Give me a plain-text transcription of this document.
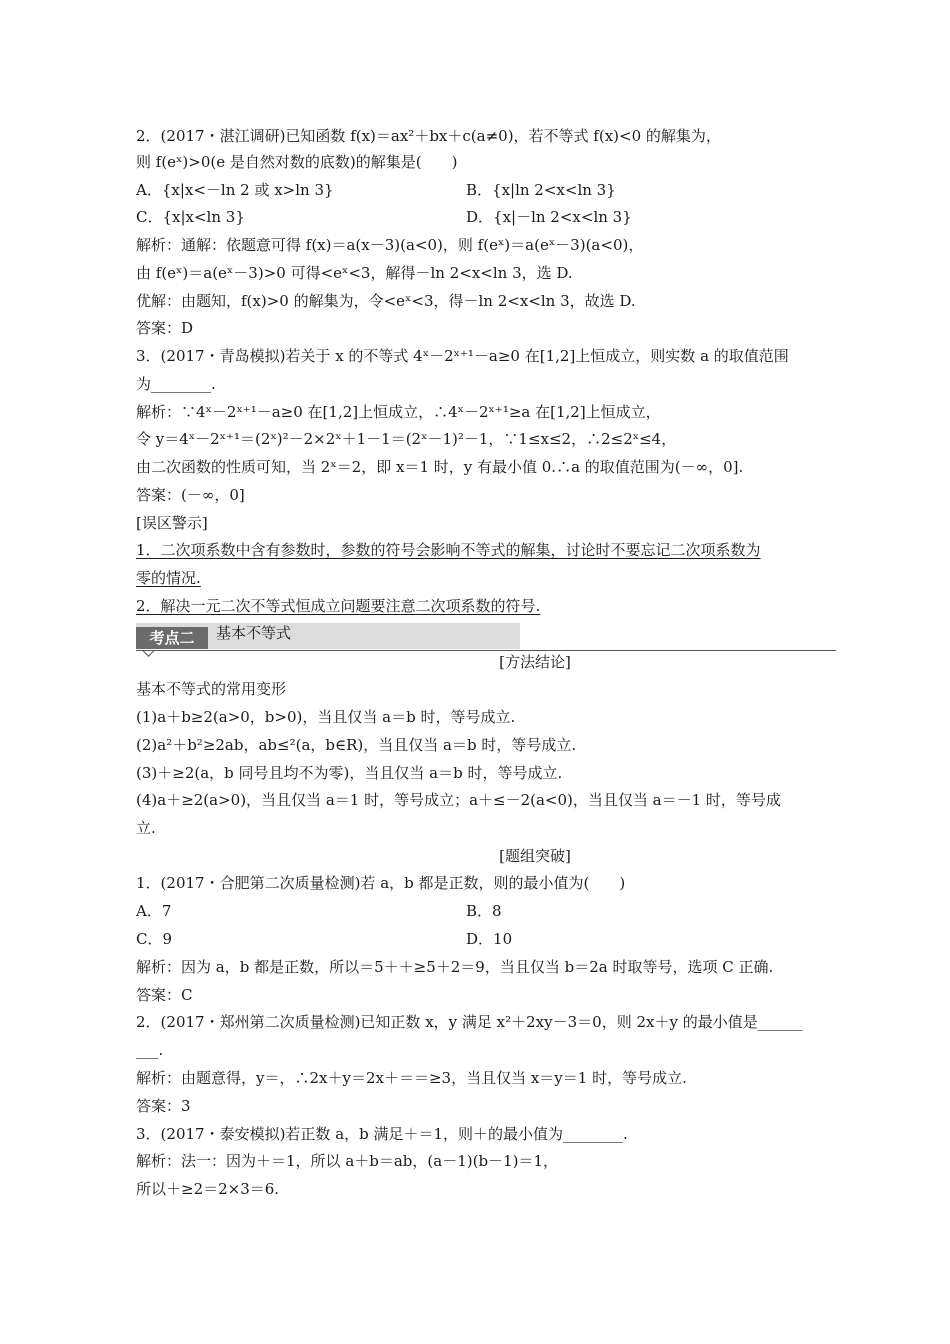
2．(2017・湛江调研)已知函数 f(x)＝ax²＋bx＋c(a≠0)，若不等式 f(x)<0 的解集为，
则 f(eˣ)>0(e 是自然对数的底数)的解集是(　　)
A．{x|x<－ln 2 或 x>ln 3}	B．{x|ln 2<x<ln 3}
C．{x|x<ln 3}	D．{x|－ln 2<x<ln 3}
解析：通解：依题意可得 f(x)＝a(x－3)(a<0)，则 f(eˣ)＝a(eˣ－3)(a<0)，
由 f(eˣ)＝a(eˣ－3)>0 可得<eˣ<3，解得－ln 2<x<ln 3，选 D.
优解：由题知，f(x)>0 的解集为，令<eˣ<3，得－ln 2<x<ln 3，故选 D.
答案：D
3．(2017・青岛模拟)若关于 x 的不等式 4ˣ－2ˣ⁺¹－a≥0 在[1,2]上恒成立，则实数 a 的取值范围
为________.
解析：∵4ˣ－2ˣ⁺¹－a≥0 在[1,2]上恒成立，∴4ˣ－2ˣ⁺¹≥a 在[1,2]上恒成立，
令 y＝4ˣ－2ˣ⁺¹＝(2ˣ)²－2×2ˣ＋1－1＝(2ˣ－1)²－1，∵1≤x≤2，∴2≤2ˣ≤4，
由二次函数的性质可知，当 2ˣ＝2，即 x＝1 时，y 有最小值 0.∴a 的取值范围为(－∞，0].
答案：(－∞，0]
[误区警示]
1．二次项系数中含有参数时，参数的符号会影响不等式的解集，讨论时不要忘记二次项系数为
零的情况.
2．解决一元二次不等式恒成立问题要注意二次项系数的符号.
考点二	基本不等式
[方法结论]
基本不等式的常用变形
(1)a＋b≥2(a>0，b>0)，当且仅当 a＝b 时，等号成立.
(2)a²＋b²≥2ab，ab≤²(a，b∈R)，当且仅当 a＝b 时，等号成立.
(3)＋≥2(a，b 同号且均不为零)，当且仅当 a＝b 时，等号成立.
(4)a＋≥2(a>0)，当且仅当 a＝1 时，等号成立；a＋≤－2(a<0)，当且仅当 a＝－1 时，等号成
立.
[题组突破]
1．(2017・合肥第二次质量检测)若 a，b 都是正数，则的最小值为(　　)
A．7	B．8
C．9	D．10
解析：因为 a，b 都是正数，所以＝5＋＋≥5＋2＝9，当且仅当 b＝2a 时取等号，选项 C 正确.
答案：C
2．(2017・郑州第二次质量检测)已知正数 x，y 满足 x²＋2xy－3＝0，则 2x＋y 的最小值是______
___.
解析：由题意得，y＝，∴2x＋y＝2x＋＝＝≥3，当且仅当 x＝y＝1 时，等号成立.
答案：3
3．(2017・泰安模拟)若正数 a，b 满足＋＝1，则＋的最小值为________.
解析：法一：因为＋＝1，所以 a＋b＝ab，(a－1)(b－1)＝1，
所以＋≥2＝2×3＝6.
